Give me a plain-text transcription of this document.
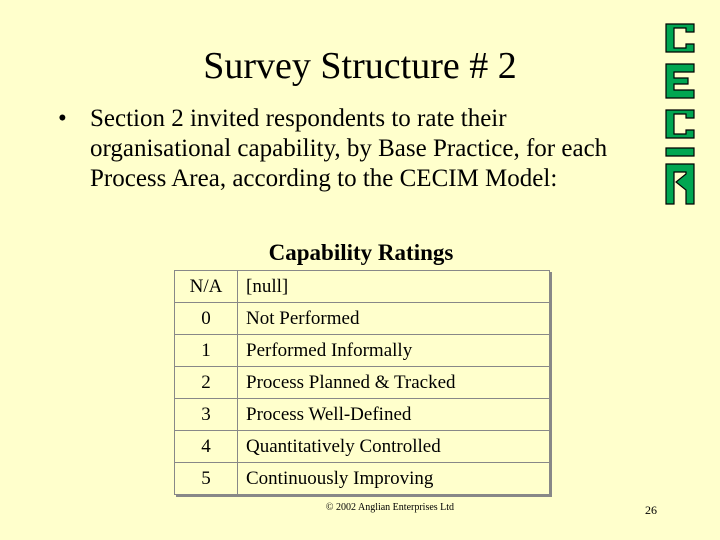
Survey Structure # 2
• Section 2 invited respondents to rate their organisational capability, by Base Practice, for each Process Area, according to the CECIM Model:
Capability Ratings
N/A	[null]
0	Not Performed
1	Performed Informally
2	Process Planned & Tracked
3	Process Well-Defined
4	Quantitatively Controlled
5	Continuously Improving
© 2002 Anglian Enterprises Ltd	26
